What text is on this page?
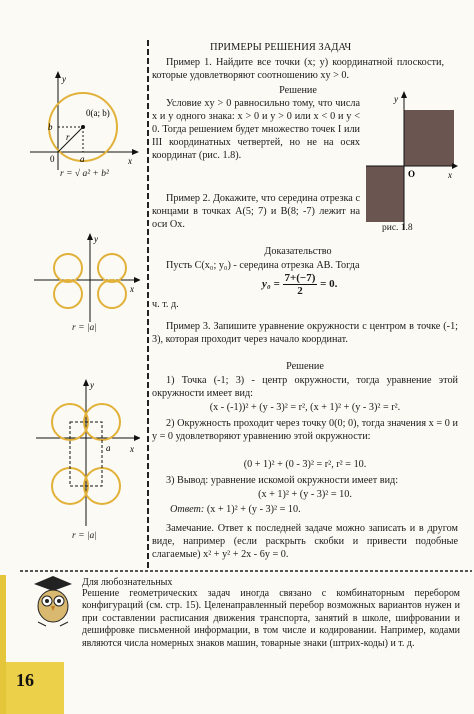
ПРИМЕРЫ РЕШЕНИЯ ЗАДАЧ
y
b
0(a; b)
r
a
0	x
r = √ a² + b²
y
x
r = |a|
y
a x
r = |a|
Пример 1. Найдите все точки (x; y) координатной плоскости, которые удовлетворяют соотношению xy > 0.
Решение
Условие xy > 0 равносильно тому, что числа x и y одного знака: x > 0 и y > 0 или x < 0 и y < 0. Тогда решением будет множество точек I или III координатных четвертей, но не на осях координат (рис. 1.8).
y
x
O
рис. 1.8
Пример 2. Докажите, что середина отрезка с концами в точках A(5; 7) и B(8; -7) лежит на оси Ox.
Доказательство
Пусть C(x₀; y₀) - середина отрезка AB. Тогда
$y_0 = \frac{7+(-7)}{2} = 0$.
ч. т. д.
Пример 3. Запишите уравнение окружности с центром в точке (-1; 3), которая проходит через начало координат.
Решение
1) Точка (-1; 3) - центр окружности, тогда уравнение этой окружности имеет вид:
(x - (-1))² + (y - 3)² = r², (x + 1)² + (y - 3)² = r².
2) Окружность проходит через точку 0(0; 0), тогда значения x = 0 и y = 0 удовлетворяют уравнению этой окружности:
(0 + 1)² + (0 - 3)² = r², r² = 10.
3) Вывод: уравнение искомой окружности имеет вид:
(x + 1)² + (y - 3)² = 10.
Ответ: (x + 1)² + (y - 3)² = 10.
Замечание. Ответ к последней задаче можно записать и в другом виде, например (если раскрыть скобки и привести подобные слагаемые) x² + y² + 2x - 6y = 0.
Для любознательных
Решение геометрических задач иногда связано с комбинаторным перебором конфигураций (см. стр. 15). Целенаправленный перебор возможных вариантов нужен и при составлении расписания движения транспорта, занятий в школе, шифровании и дешифровке письменной информации, в том числе и кодировании. Например, кодами являются числа номерных знаков машин, товарные знаки (штрих-коды) и т. д.
16
